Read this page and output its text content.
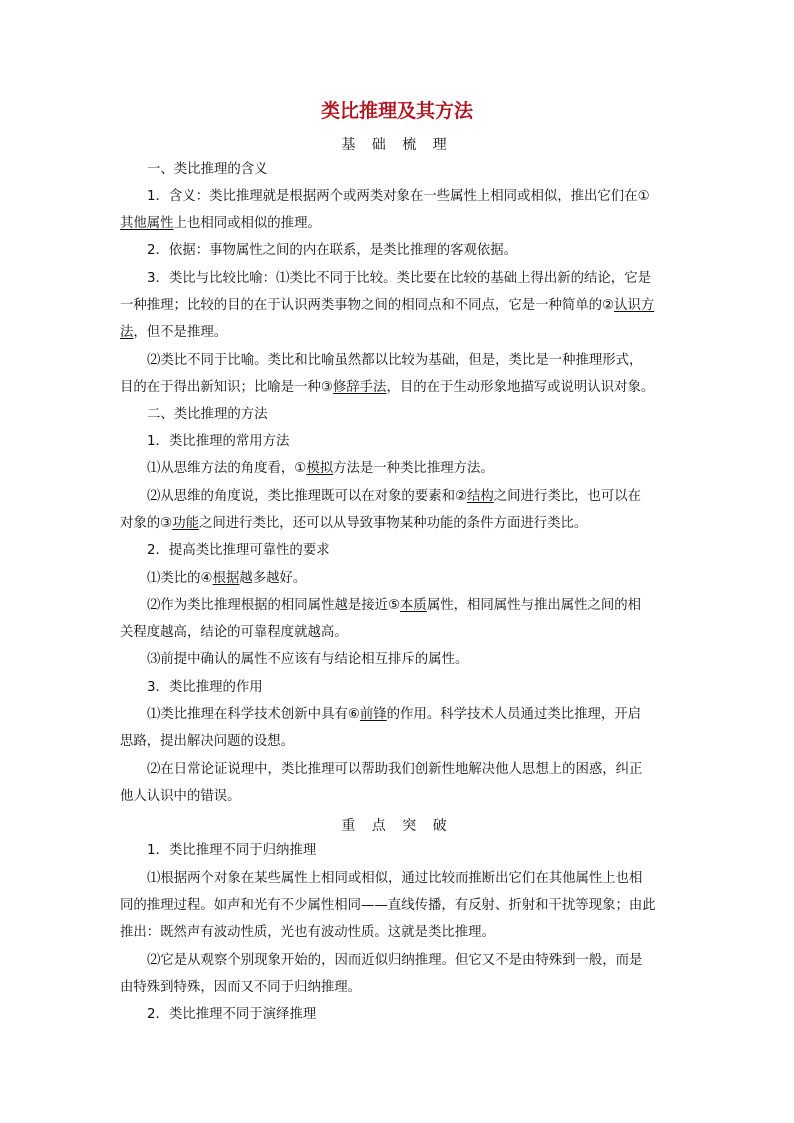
类比推理及其方法
基 础 梳 理
一、类比推理的含义
1．含义：类比推理就是根据两个或两类对象在一些属性上相同或相似，推出它们在①
其他属性上也相同或相似的推理。
2．依据：事物属性之间的内在联系，是类比推理的客观依据。
3．类比与比较比喻：⑴类比不同于比较。类比要在比较的基础上得出新的结论，它是
一种推理；比较的目的在于认识两类事物之间的相同点和不同点，它是一种简单的②认识方
法，但不是推理。
⑵类比不同于比喻。类比和比喻虽然都以比较为基础，但是，类比是一种推理形式，
目的在于得出新知识；比喻是一种③修辞手法，目的在于生动形象地描写或说明认识对象。
二、类比推理的方法
1．类比推理的常用方法
⑴从思维方法的角度看，①模拟方法是一种类比推理方法。
⑵从思维的角度说，类比推理既可以在对象的要素和②结构之间进行类比，也可以在
对象的③功能之间进行类比，还可以从导致事物某种功能的条件方面进行类比。
2．提高类比推理可靠性的要求
⑴类比的④根据越多越好。
⑵作为类比推理根据的相同属性越是接近⑤本质属性，相同属性与推出属性之间的相
关程度越高，结论的可靠程度就越高。
⑶前提中确认的属性不应该有与结论相互排斥的属性。
3．类比推理的作用
⑴类比推理在科学技术创新中具有⑥前锋的作用。科学技术人员通过类比推理，开启
思路，提出解决问题的设想。
⑵在日常论证说理中，类比推理可以帮助我们创新性地解决他人思想上的困惑，纠正
他人认识中的错误。
重 点 突 破
1．类比推理不同于归纳推理
⑴根据两个对象在某些属性上相同或相似，通过比较而推断出它们在其他属性上也相
同的推理过程。如声和光有不少属性相同——直线传播，有反射、折射和干扰等现象；由此
推出：既然声有波动性质，光也有波动性质。这就是类比推理。
⑵它是从观察个别现象开始的，因而近似归纳推理。但它又不是由特殊到一般，而是
由特殊到特殊，因而又不同于归纳推理。
2．类比推理不同于演绎推理
